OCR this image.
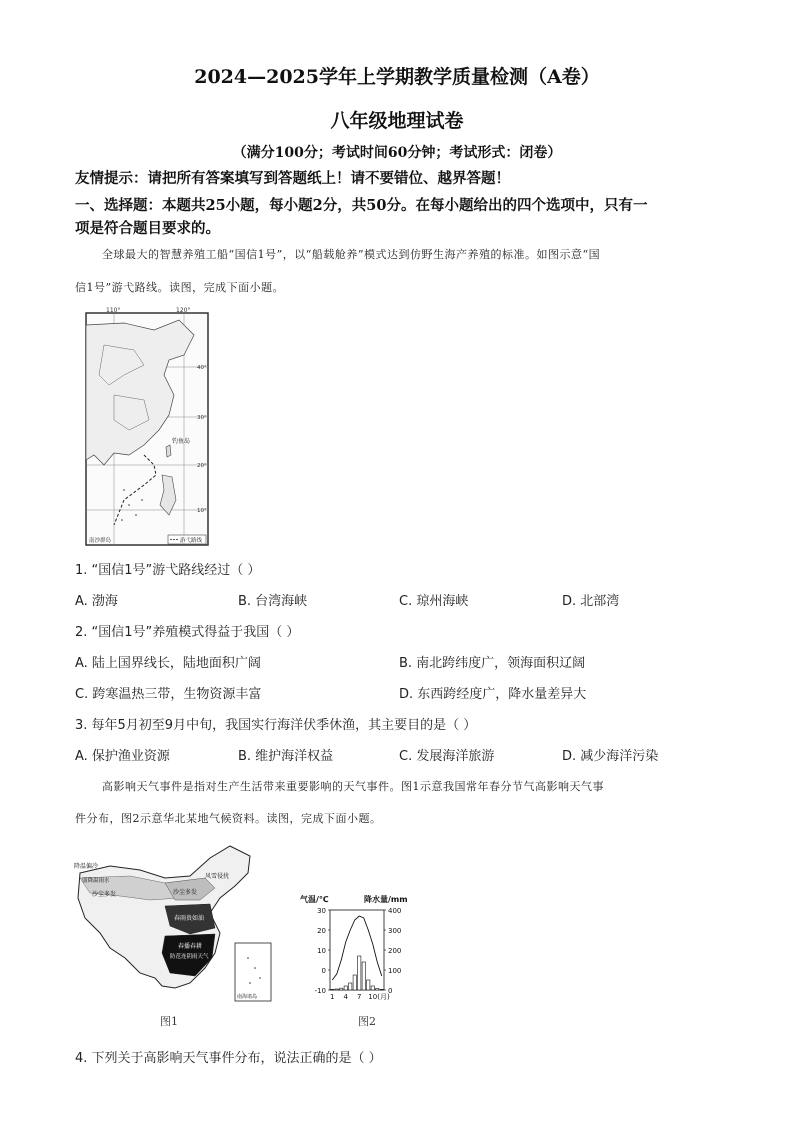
2024—2025学年上学期教学质量检测（A卷）
八年级地理试卷
（满分100分；考试时间60分钟；考试形式：闭卷）
友情提示：请把所有答案填写到答题纸上！请不要错位、越界答题！
一、选择题：本题共25小题，每小题2分，共50分。在每小题给出的四个选项中，只有一
项是符合题目要求的。
全球最大的智慧养殖工船“国信1号”，以“船载舱养”模式达到仿野生海产养殖的标准。如图示意“国
信1号”游弋路线。读图，完成下面小题。
110°	120°
40°
30°
20°
10°
钓鱼岛
游弋路线
南沙群岛
1. “国信1号”游弋路线经过（ ）
A. 渤海	B. 台湾海峡	C. 琼州海峡	D. 北部湾
2. “国信1号”养殖模式得益于我国（ ）
A. 陆上国界线长，陆地面积广阔	B. 南北跨纬度广，领海面积辽阔
C. 跨寒温热三带，生物资源丰富	D. 东西跨经度广，降水量差异大
3. 每年5月初至9月中旬，我国实行海洋伏季休渔，其主要目的是（ ）
A. 保护渔业资源	B. 维护海洋权益	C. 发展海洋旅游	D. 减少海洋污染
高影响天气事件是指对生产生活带来重要影响的天气事件。图1示意我国常年春分节气高影响天气事
件分布，图2示意华北某地气候资料。读图，完成下面小题。
降温偏冷
弱降温雨水
沙尘多发	沙尘多发
风雪侵扰
春雨贵如油
春播春耕
防范连阴雨天气
南海诸岛
图1
气温/℃	降水量/mm
30
20
10
0
-10
400
300
200
100
0
1 4 7 10 (月)
图2
4. 下列关于高影响天气事件分布，说法正确的是（ ）
